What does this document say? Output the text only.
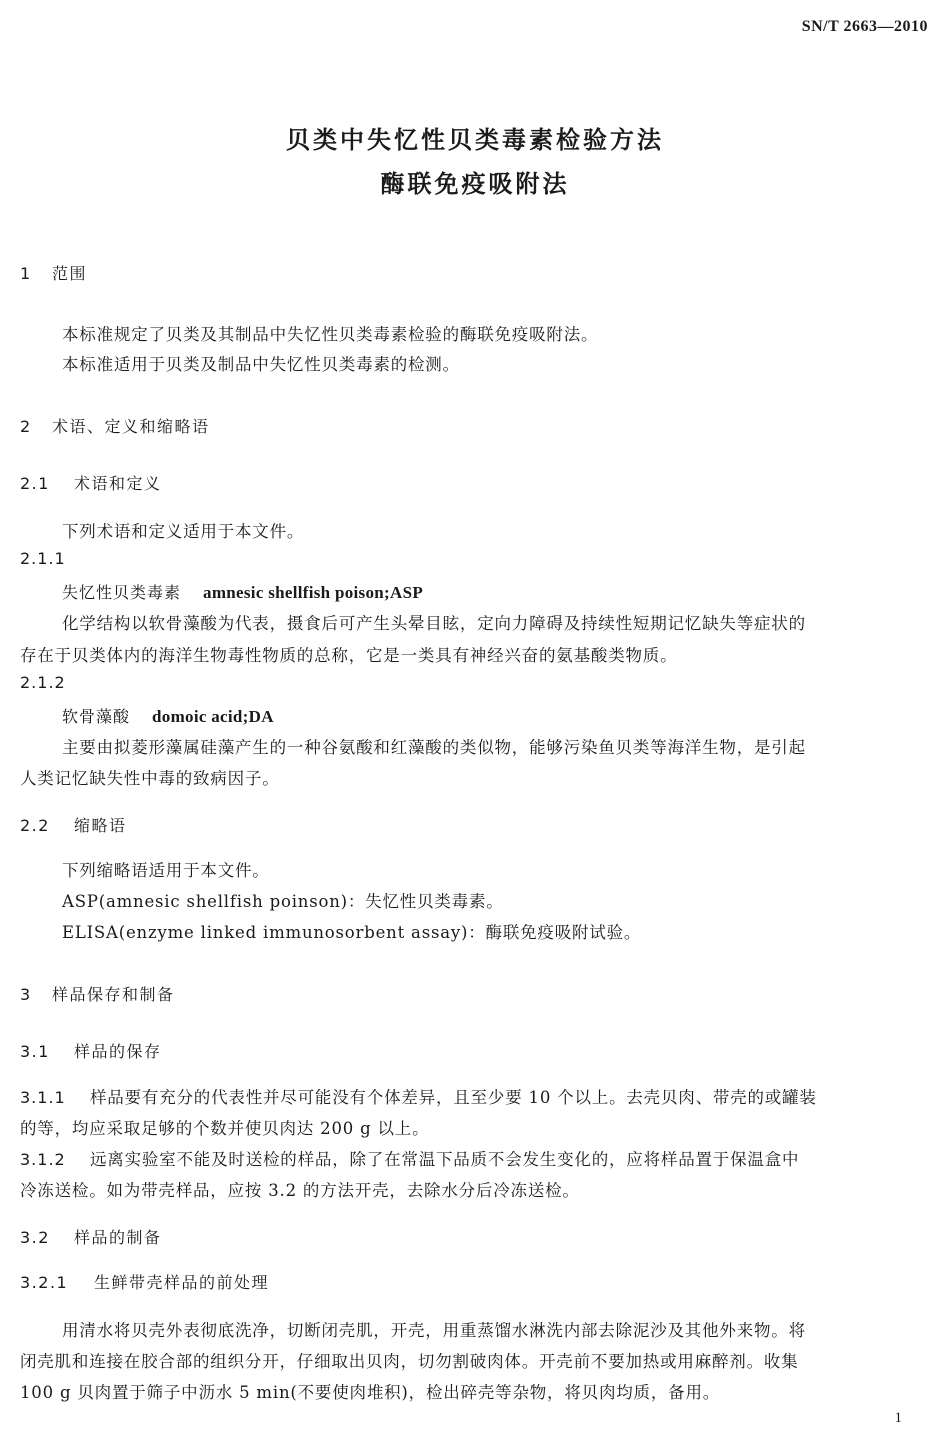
SN/T 2663—2010
贝类中失忆性贝类毒素检验方法
酶联免疫吸附法
1 范围
本标准规定了贝类及其制品中失忆性贝类毒素检验的酶联免疫吸附法。
本标准适用于贝类及制品中失忆性贝类毒素的检测。
2 术语、定义和缩略语
2.1 术语和定义
下列术语和定义适用于本文件。
2.1.1
失忆性贝类毒素 amnesic shellfish poison;ASP
化学结构以软骨藻酸为代表，摄食后可产生头晕目眩，定向力障碍及持续性短期记忆缺失等症状的
存在于贝类体内的海洋生物毒性物质的总称，它是一类具有神经兴奋的氨基酸类物质。
2.1.2
软骨藻酸 domoic acid;DA
主要由拟菱形藻属硅藻产生的一种谷氨酸和红藻酸的类似物，能够污染鱼贝类等海洋生物，是引起
人类记忆缺失性中毒的致病因子。
2.2 缩略语
下列缩略语适用于本文件。
ASP(amnesic shellfish poinson)：失忆性贝类毒素。
ELISA(enzyme linked immunosorbent assay)：酶联免疫吸附试验。
3 样品保存和制备
3.1 样品的保存
3.1.1 样品要有充分的代表性并尽可能没有个体差异，且至少要 10 个以上。去壳贝肉、带壳的或罐装
的等，均应采取足够的个数并使贝肉达 200 g 以上。
3.1.2 远离实验室不能及时送检的样品，除了在常温下品质不会发生变化的，应将样品置于保温盒中
冷冻送检。如为带壳样品，应按 3.2 的方法开壳，去除水分后冷冻送检。
3.2 样品的制备
3.2.1 生鲜带壳样品的前处理
用清水将贝壳外表彻底洗净，切断闭壳肌，开壳，用重蒸馏水淋洗内部去除泥沙及其他外来物。将
闭壳肌和连接在胶合部的组织分开，仔细取出贝肉，切勿割破肉体。开壳前不要加热或用麻醉剂。收集
100 g 贝肉置于筛子中沥水 5 min(不要使肉堆积)，检出碎壳等杂物，将贝肉均质，备用。
1
